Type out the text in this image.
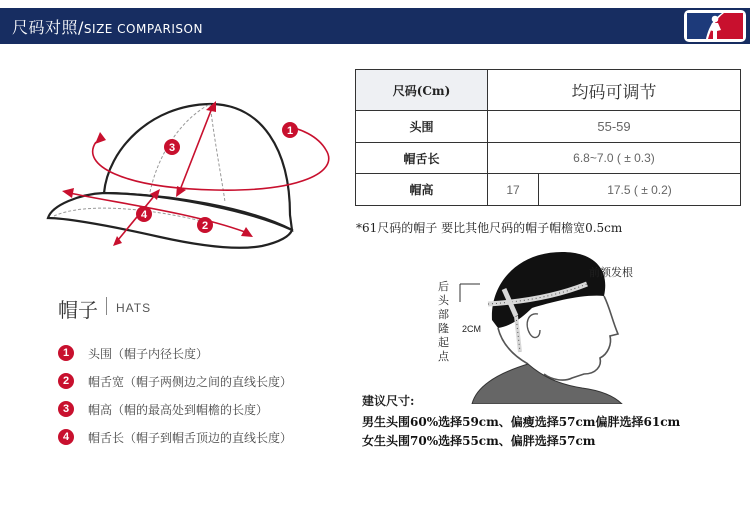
尺码对照/SIZE COMPARISON
1
3
2
4
帽子 HATS
1	头围（帽子内径长度）
2	帽舌宽（帽子两侧边之间的直线长度）
3	帽高（帽的最高处到帽檐的长度）
4	帽舌长（帽子到帽舌顶边的直线长度）
尺码(Cm)	均码可调节	
头围	55-59	
帽舌长	6.8~7.0 ( ± 0.3)	
帽高	17	17.5 ( ± 0.2)
*61尺码的帽子 要比其他尺码的帽子帽檐宽0.5cm
后头部隆起点
前额发根
2CM
建议尺寸:
男生头围60%选择59cm、偏瘦选择57cm偏胖选择61cm
女生头围70%选择55cm、偏胖选择57cm
